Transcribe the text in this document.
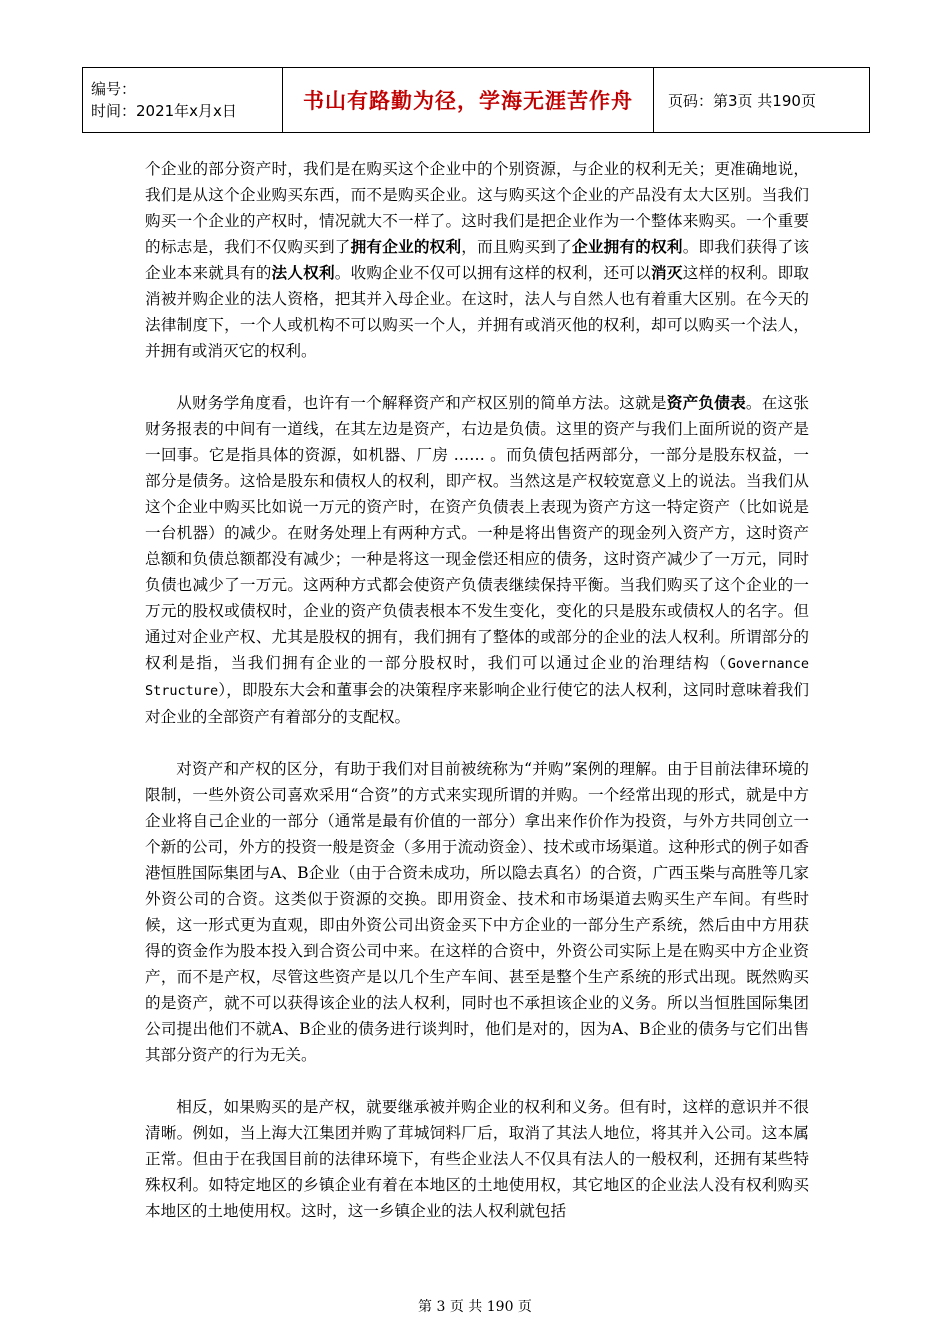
编号：
时间：2021年x月x日	书山有路勤为径，学海无涯苦作舟	页码：第3页 共190页

个企业的部分资产时，我们是在购买这个企业中的个别资源，与企业的权利无关；更准确地说，我们是从这个企业购买东西，而不是购买企业。这与购买这个企业的产品没有太大区别。当我们购买一个企业的产权时，情况就大不一样了。这时我们是把企业作为一个整体来购买。一个重要的标志是，我们不仅购买到了拥有企业的权利，而且购买到了企业拥有的权利。即我们获得了该企业本来就具有的法人权利。收购企业不仅可以拥有这样的权利，还可以消灭这样的权利。即取消被并购企业的法人资格，把其并入母企业。在这时，法人与自然人也有着重大区别。在今天的法律制度下，一个人或机构不可以购买一个人，并拥有或消灭他的权利，却可以购买一个法人，并拥有或消灭它的权利。

从财务学角度看，也许有一个解释资产和产权区别的简单方法。这就是资产负债表。在这张财务报表的中间有一道线，在其左边是资产，右边是负债。这里的资产与我们上面所说的资产是一回事。它是指具体的资源，如机器、厂房 …… 。而负债包括两部分，一部分是股东权益，一部分是债务。这恰是股东和债权人的权利，即产权。当然这是产权较宽意义上的说法。当我们从这个企业中购买比如说一万元的资产时，在资产负债表上表现为资产方这一特定资产（比如说是一台机器）的减少。在财务处理上有两种方式。一种是将出售资产的现金列入资产方，这时资产总额和负债总额都没有减少；一种是将这一现金偿还相应的债务，这时资产减少了一万元，同时负债也减少了一万元。这两种方式都会使资产负债表继续保持平衡。当我们购买了这个企业的一万元的股权或债权时，企业的资产负债表根本不发生变化，变化的只是股东或债权人的名字。但通过对企业产权、尤其是股权的拥有，我们拥有了整体的或部分的企业的法人权利。所谓部分的权利是指，当我们拥有企业的一部分股权时，我们可以通过企业的治理结构（Governance Structure），即股东大会和董事会的决策程序来影响企业行使它的法人权利，这同时意味着我们对企业的全部资产有着部分的支配权。

对资产和产权的区分，有助于我们对目前被统称为“并购”案例的理解。由于目前法律环境的限制，一些外资公司喜欢采用“合资”的方式来实现所谓的并购。一个经常出现的形式，就是中方企业将自己企业的一部分（通常是最有价值的一部分）拿出来作价作为投资，与外方共同创立一个新的公司，外方的投资一般是资金（多用于流动资金）、技术或市场渠道。这种形式的例子如香港恒胜国际集团与A、B企业（由于合资未成功，所以隐去真名）的合资，广西玉柴与高胜等几家外资公司的合资。这类似于资源的交换。即用资金、技术和市场渠道去购买生产车间。有些时候，这一形式更为直观，即由外资公司出资金买下中方企业的一部分生产系统，然后由中方用获得的资金作为股本投入到合资公司中来。在这样的合资中，外资公司实际上是在购买中方企业资产，而不是产权，尽管这些资产是以几个生产车间、甚至是整个生产系统的形式出现。既然购买的是资产，就不可以获得该企业的法人权利，同时也不承担该企业的义务。所以当恒胜国际集团公司提出他们不就A、B企业的债务进行谈判时，他们是对的，因为A、B企业的债务与它们出售其部分资产的行为无关。

相反，如果购买的是产权，就要继承被并购企业的权利和义务。但有时，这样的意识并不很清晰。例如，当上海大江集团并购了茸城饲料厂后，取消了其法人地位，将其并入公司。这本属正常。但由于在我国目前的法律环境下，有些企业法人不仅具有法人的一般权利，还拥有某些特殊权利。如特定地区的乡镇企业有着在本地区的土地使用权，其它地区的企业法人没有权利购买本地区的土地使用权。这时，这一乡镇企业的法人权利就包括

第 3 页 共 190 页
